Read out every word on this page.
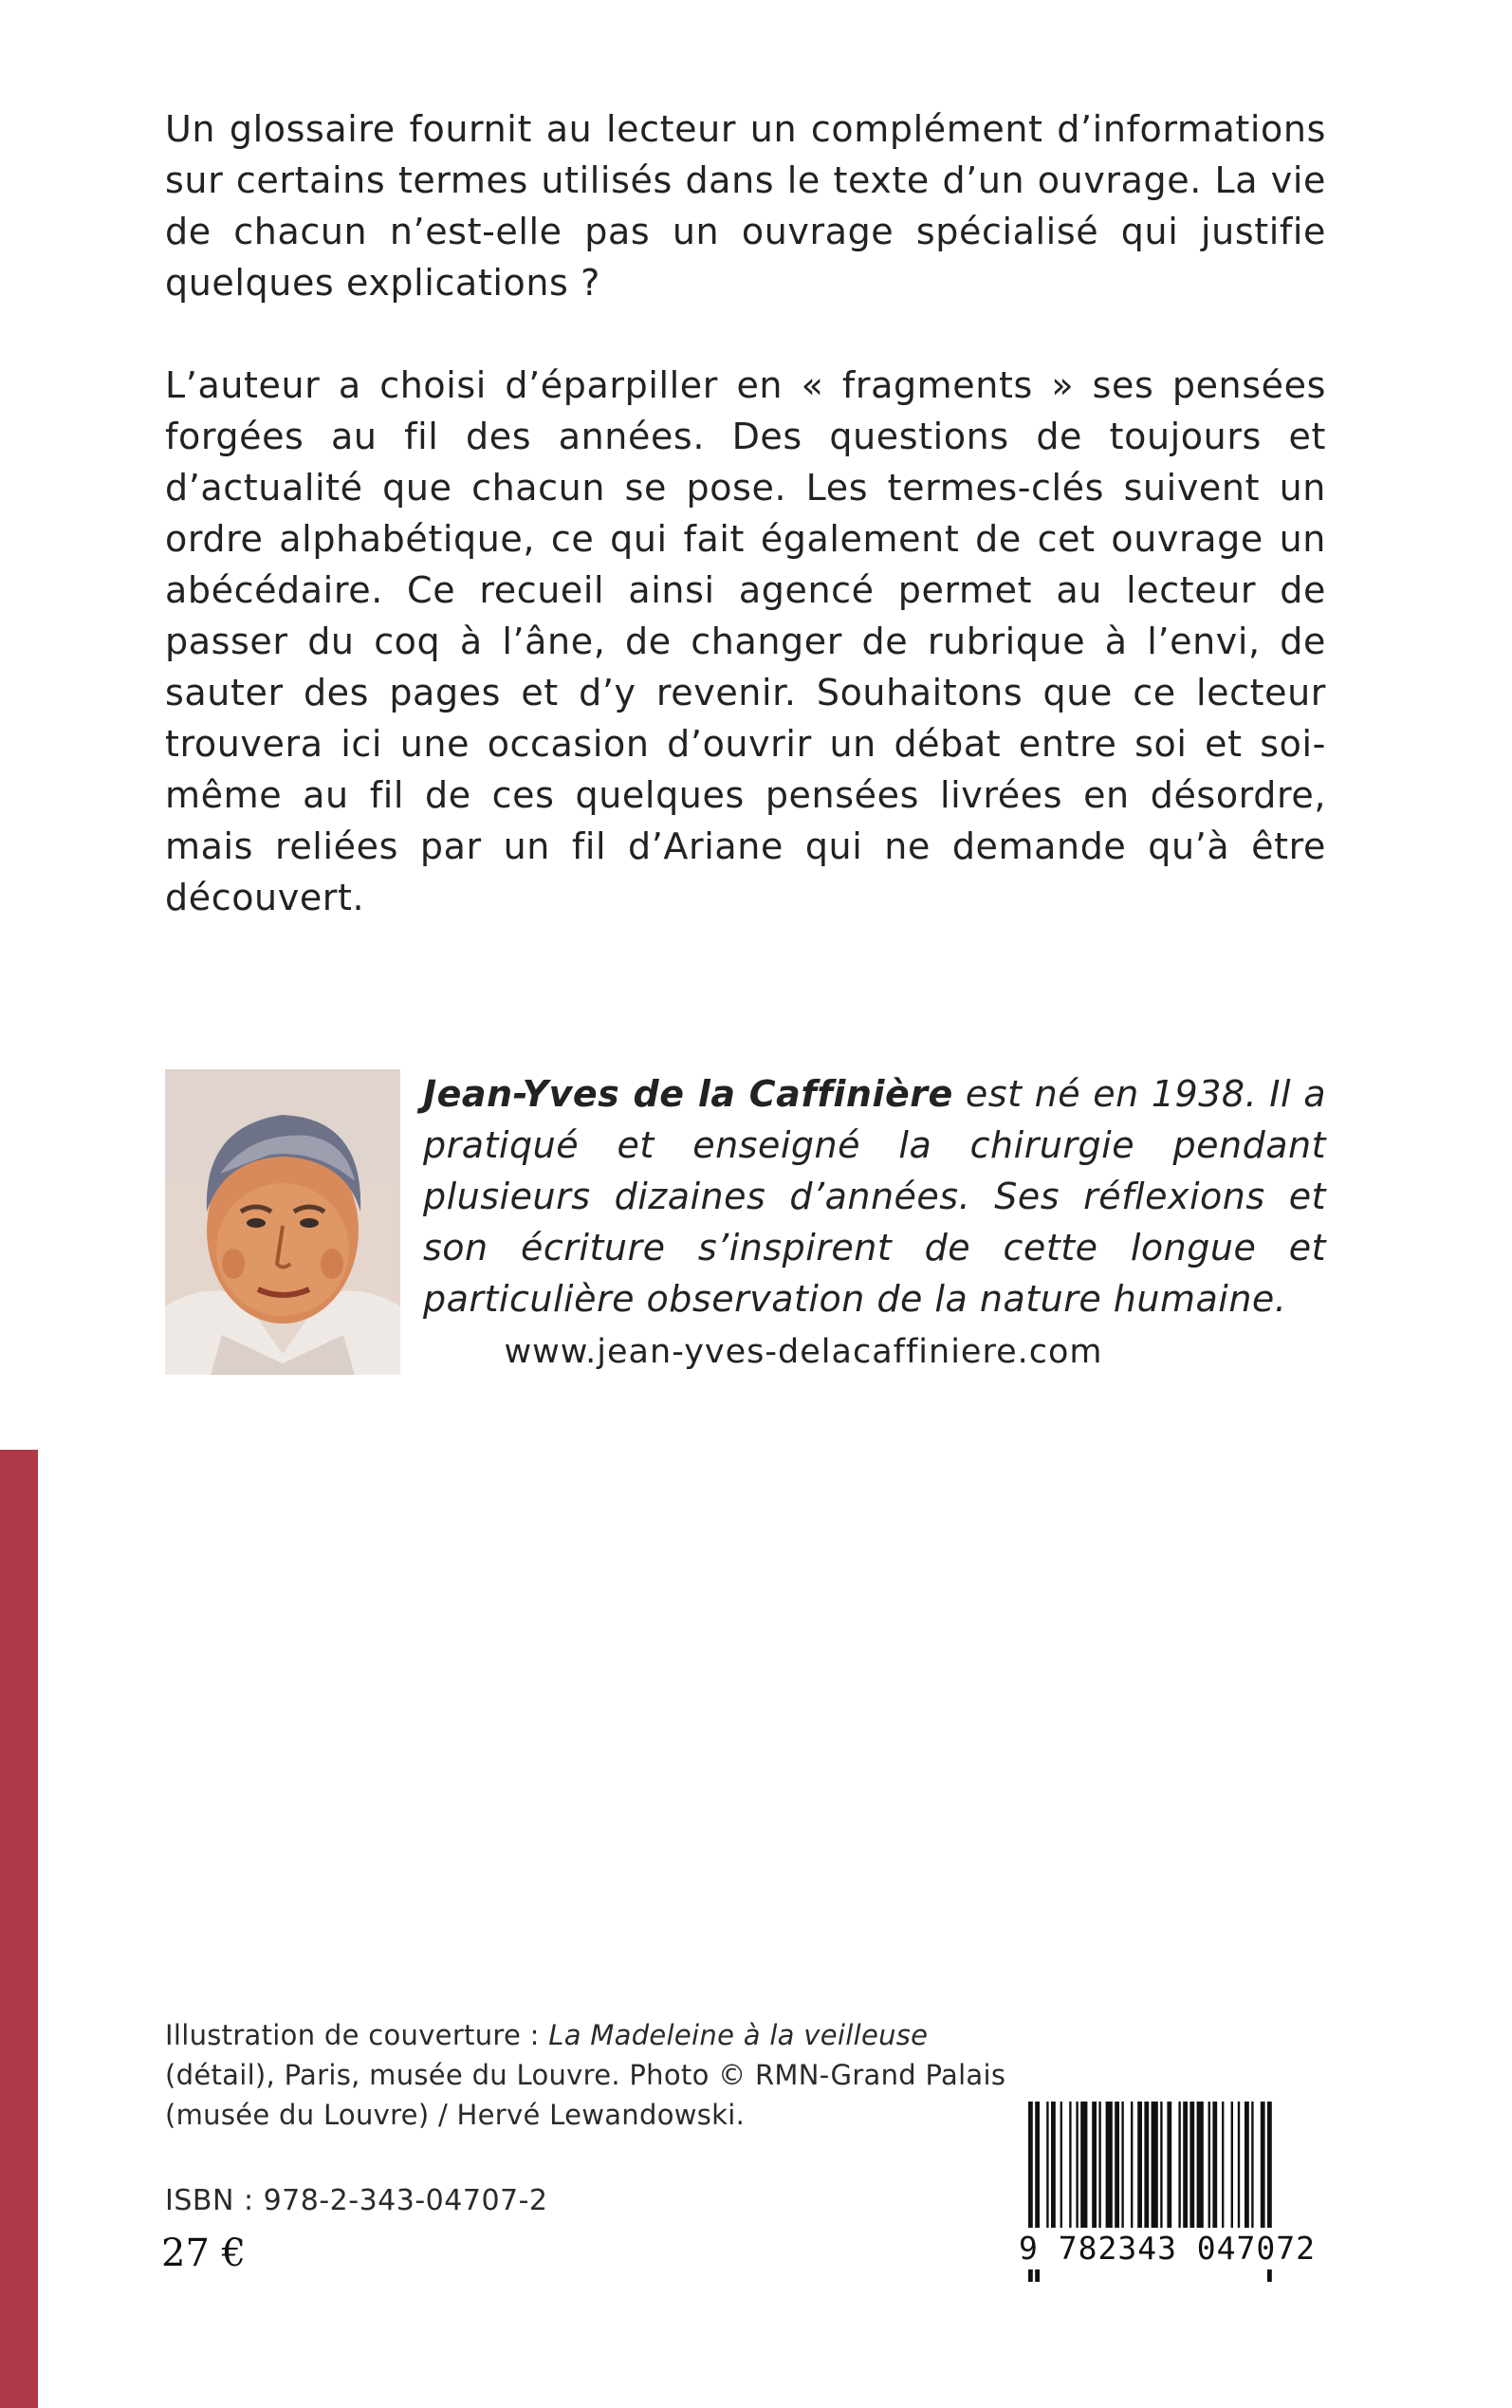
Un glossaire fournit au lecteur un complément d’informations sur certains termes utilisés dans le texte d’un ouvrage. La vie de chacun n’est-elle pas un ouvrage spécialisé qui justifie quelques explications ?

L’auteur a choisi d’éparpiller en « fragments » ses pensées forgées au fil des années. Des questions de toujours et d’actualité que chacun se pose. Les termes-clés suivent un ordre alphabétique, ce qui fait également de cet ouvrage un abécédaire. Ce recueil ainsi agencé permet au lecteur de passer du coq à l’âne, de changer de rubrique à l’envi, de sauter des pages et d’y revenir. Souhaitons que ce lecteur trouvera ici une occasion d’ouvrir un débat entre soi et soi-même au fil de ces quelques pensées livrées en désordre, mais reliées par un fil d’Ariane qui ne demande qu’à être découvert.

Jean-Yves de la Caffinière est né en 1938. Il a pratiqué et enseigné la chirurgie pendant plusieurs dizaines d’années. Ses réflexions et son écriture s’inspirent de cette longue et particulière observation de la nature humaine.

www.jean-yves-delacaffiniere.com
Illustration de couverture : La Madeleine à la veilleuse (détail), Paris, musée du Louvre. Photo © RMN-Grand Palais (musée du Louvre) / Hervé Lewandowski.
ISBN : 978-2-343-04707-2
27 €	9 782343 047072
